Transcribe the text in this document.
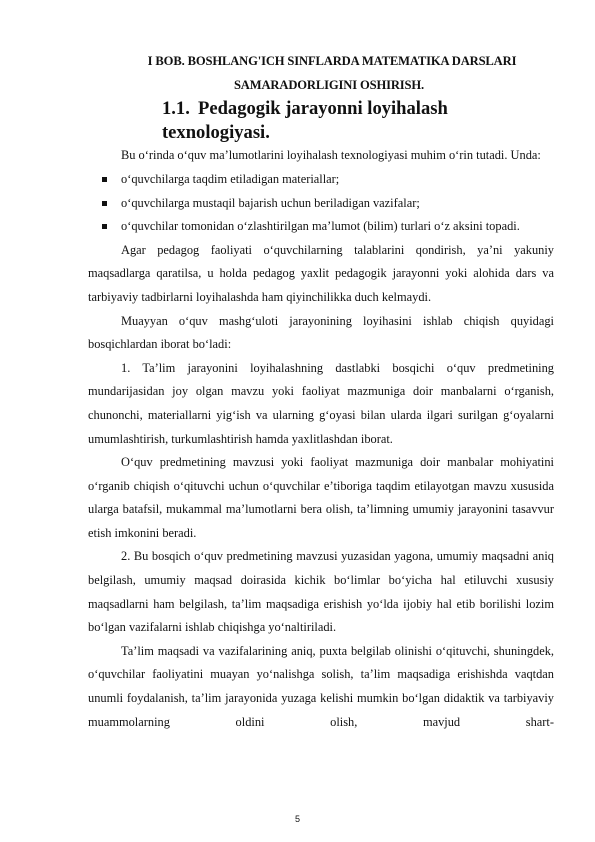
I BOB. BOSHLANG'ICH SINFLARDA MATEMATIKA DARSLARI
SAMARADORLIGINI OSHIRISH.
1.1. Pedagogik jarayonni loyihalash texnologiyasi.

Bu o‘rinda o‘quv ma’lumotlarini loyihalash texnologiyasi muhim o‘rin tutadi. Unda:

o‘quvchilarga taqdim etiladigan materiallar;
o‘quvchilarga mustaqil bajarish uchun beriladigan vazifalar;
o‘quvchilar tomonidan o‘zlashtirilgan ma’lumot (bilim) turlari o‘z aksini topadi.

Agar pedagog faoliyati o‘quvchilarning talablarini qondirish, ya’ni yakuniy maqsadlarga qaratilsa, u holda pedagog yaxlit pedagogik jarayonni yoki alohida dars va tarbiyaviy tadbirlarni loyihalashda ham qiyinchilikka duch kelmaydi.

Muayyan o‘quv mashg‘uloti jarayonining loyihasini ishlab chiqish quyidagi bosqichlardan iborat bo‘ladi:

1. Ta’lim jarayonini loyihalashning dastlabki bosqichi o‘quv predmetining mundarijasidan joy olgan mavzu yoki faoliyat mazmuniga doir manbalarni o‘rganish, chunonchi, materiallarni yig‘ish va ularning g‘oyasi bilan ularda ilgari surilgan g‘oyalarni umumlashtirish, turkumlashtirish hamda yaxlitlashdan iborat.

O‘quv predmetining mavzusi yoki faoliyat mazmuniga doir manbalar mohiyatini o‘rganib chiqish o‘qituvchi uchun o‘quvchilar e’tiboriga taqdim etilayotgan mavzu xususida ularga batafsil, mukammal ma’lumotlarni bera olish, ta’limning umumiy jarayonini tasavvur etish imkonini beradi.

2. Bu bosqich o‘quv predmetining mavzusi yuzasidan yagona, umumiy maqsadni aniq belgilash, umumiy maqsad doirasida kichik bo‘limlar bo‘yicha hal etiluvchi xususiy maqsadlarni ham belgilash, ta’lim maqsadiga erishish yo‘lda ijobiy hal etib borilishi lozim bo‘lgan vazifalarni ishlab chiqishga yo‘naltiriladi.

Ta’lim maqsadi va vazifalarining aniq, puxta belgilab olinishi o‘qituvchi, shuningdek, o‘quvchilar faoliyatini muayan yo‘nalishga solish, ta’lim maqsadiga erishishda vaqtdan unumli foydalanish, ta’lim jarayonida yuzaga kelishi mumkin bo‘lgan didaktik va tarbiyaviy muammolarning oldini olish, mavjud shart-

5
